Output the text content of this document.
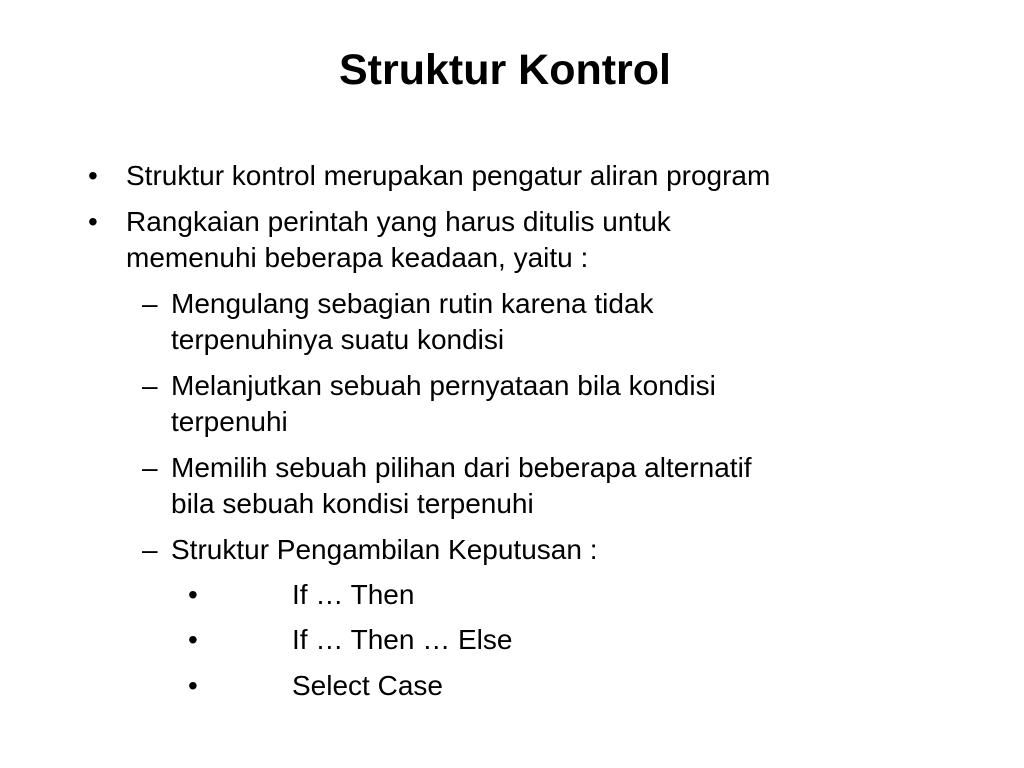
Struktur Kontrol
• Struktur kontrol merupakan pengatur aliran program
• Rangkaian perintah yang harus ditulis untuk
memenuhi beberapa keadaan, yaitu :
– Mengulang sebagian rutin karena tidak
terpenuhinya suatu kondisi
– Melanjutkan sebuah pernyataan bila kondisi
terpenuhi
– Memilih sebuah pilihan dari beberapa alternatif
bila sebuah kondisi terpenuhi
– Struktur Pengambilan Keputusan :
•	If … Then
•	If … Then … Else
•	Select Case
